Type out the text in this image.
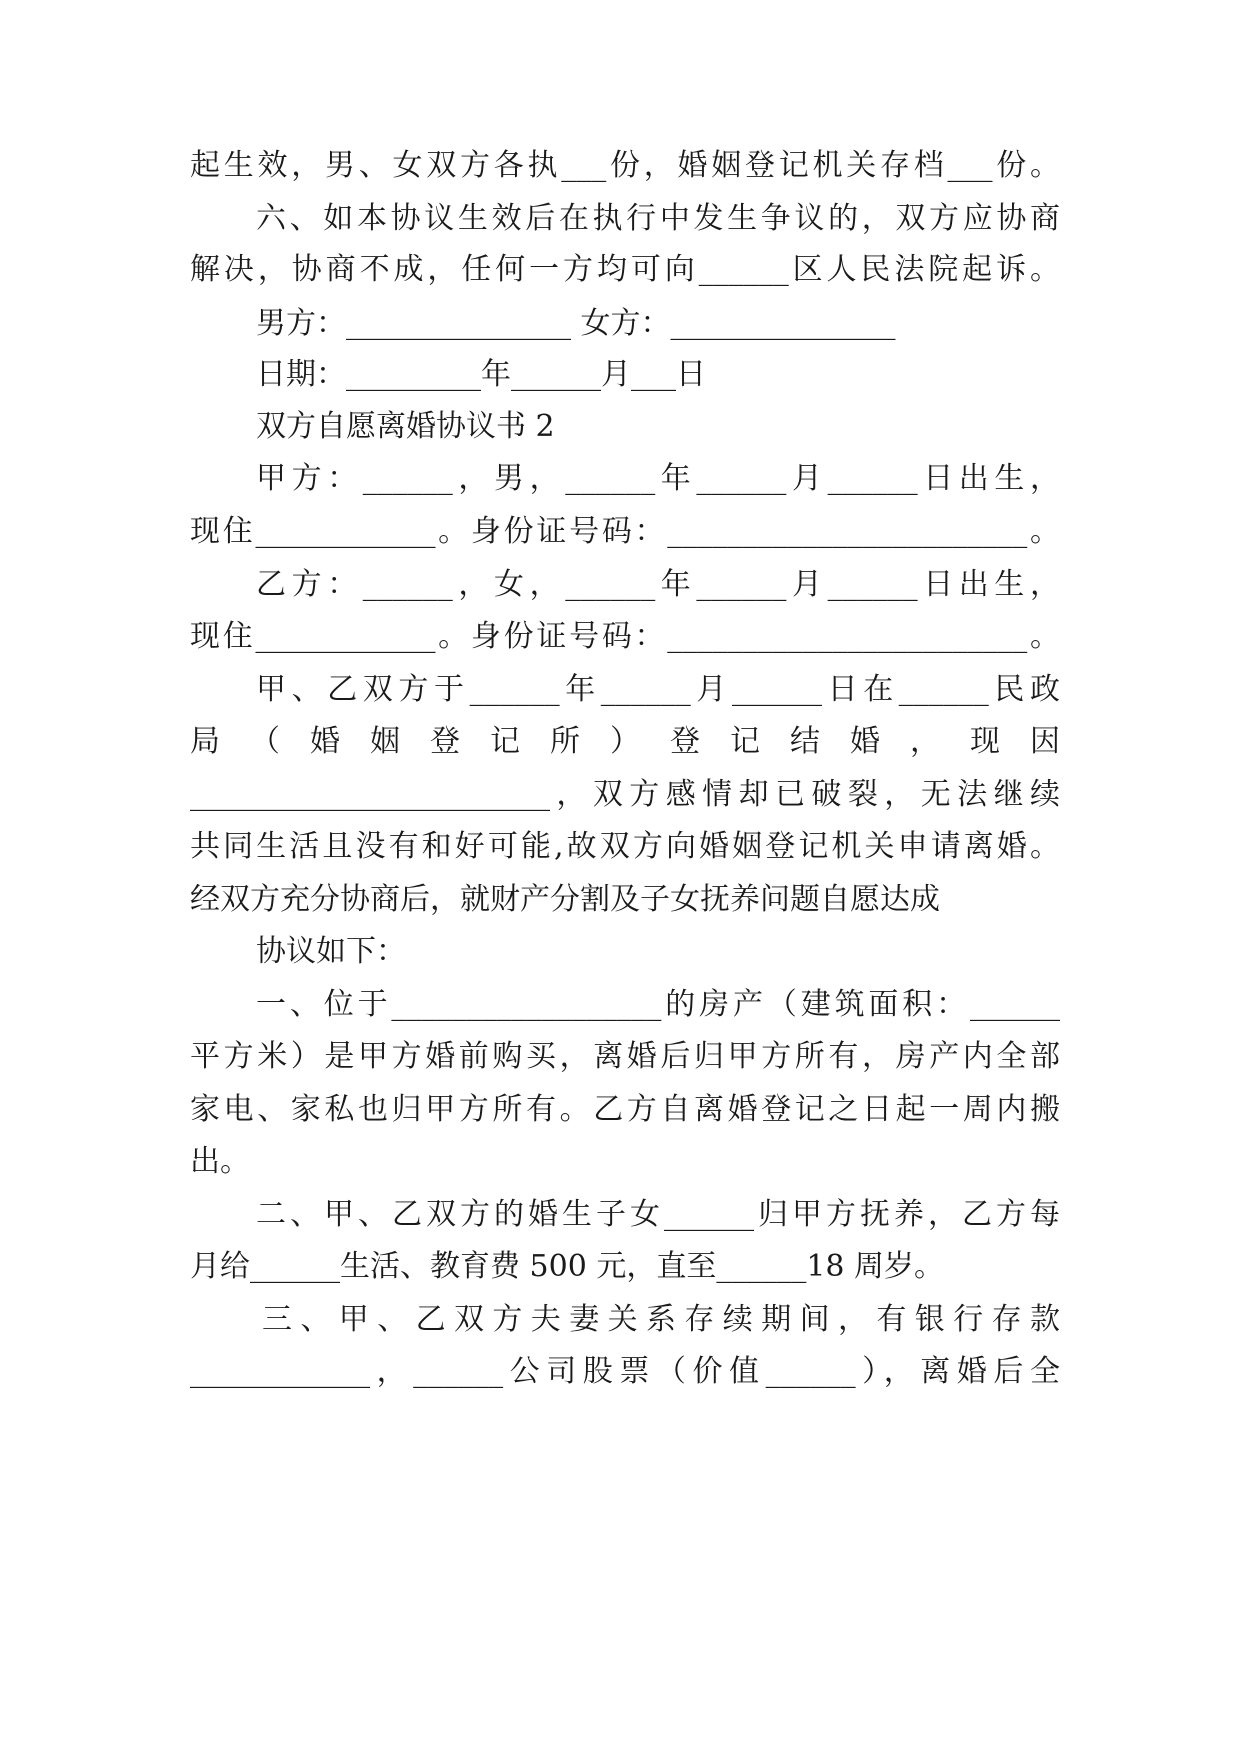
起生效，男、女双方各执___份，婚姻登记机关存档___份。
六、如本协议生效后在执行中发生争议的，双方应协商
解决，协商不成，任何一方均可向______区人民法院起诉。
男方：_______________ 女方：_______________
日期：_________年______月___日
双方自愿离婚协议书 2
甲方：______，男，______年______月______日出生，
现住____________。身份证号码：________________________。
乙方：______，女，______年______月______日出生，
现住____________。身份证号码：________________________。
甲、乙双方于______年______月______日在______民政
局（婚姻登记所）登记结婚，现因
________________________，双方感情却已破裂，无法继续
共同生活且没有和好可能,故双方向婚姻登记机关申请离婚。
经双方充分协商后，就财产分割及子女抚养问题自愿达成
协议如下：
一、位于__________________的房产（建筑面积：______
平方米）是甲方婚前购买，离婚后归甲方所有，房产内全部
家电、家私也归甲方所有。乙方自离婚登记之日起一周内搬
出。
二、甲、乙双方的婚生子女______归甲方抚养，乙方每
月给______生活、教育费 500 元，直至______18 周岁。
三、甲、乙双方夫妻关系存续期间，有银行存款
____________，______公司股票（价值______），离婚后全
